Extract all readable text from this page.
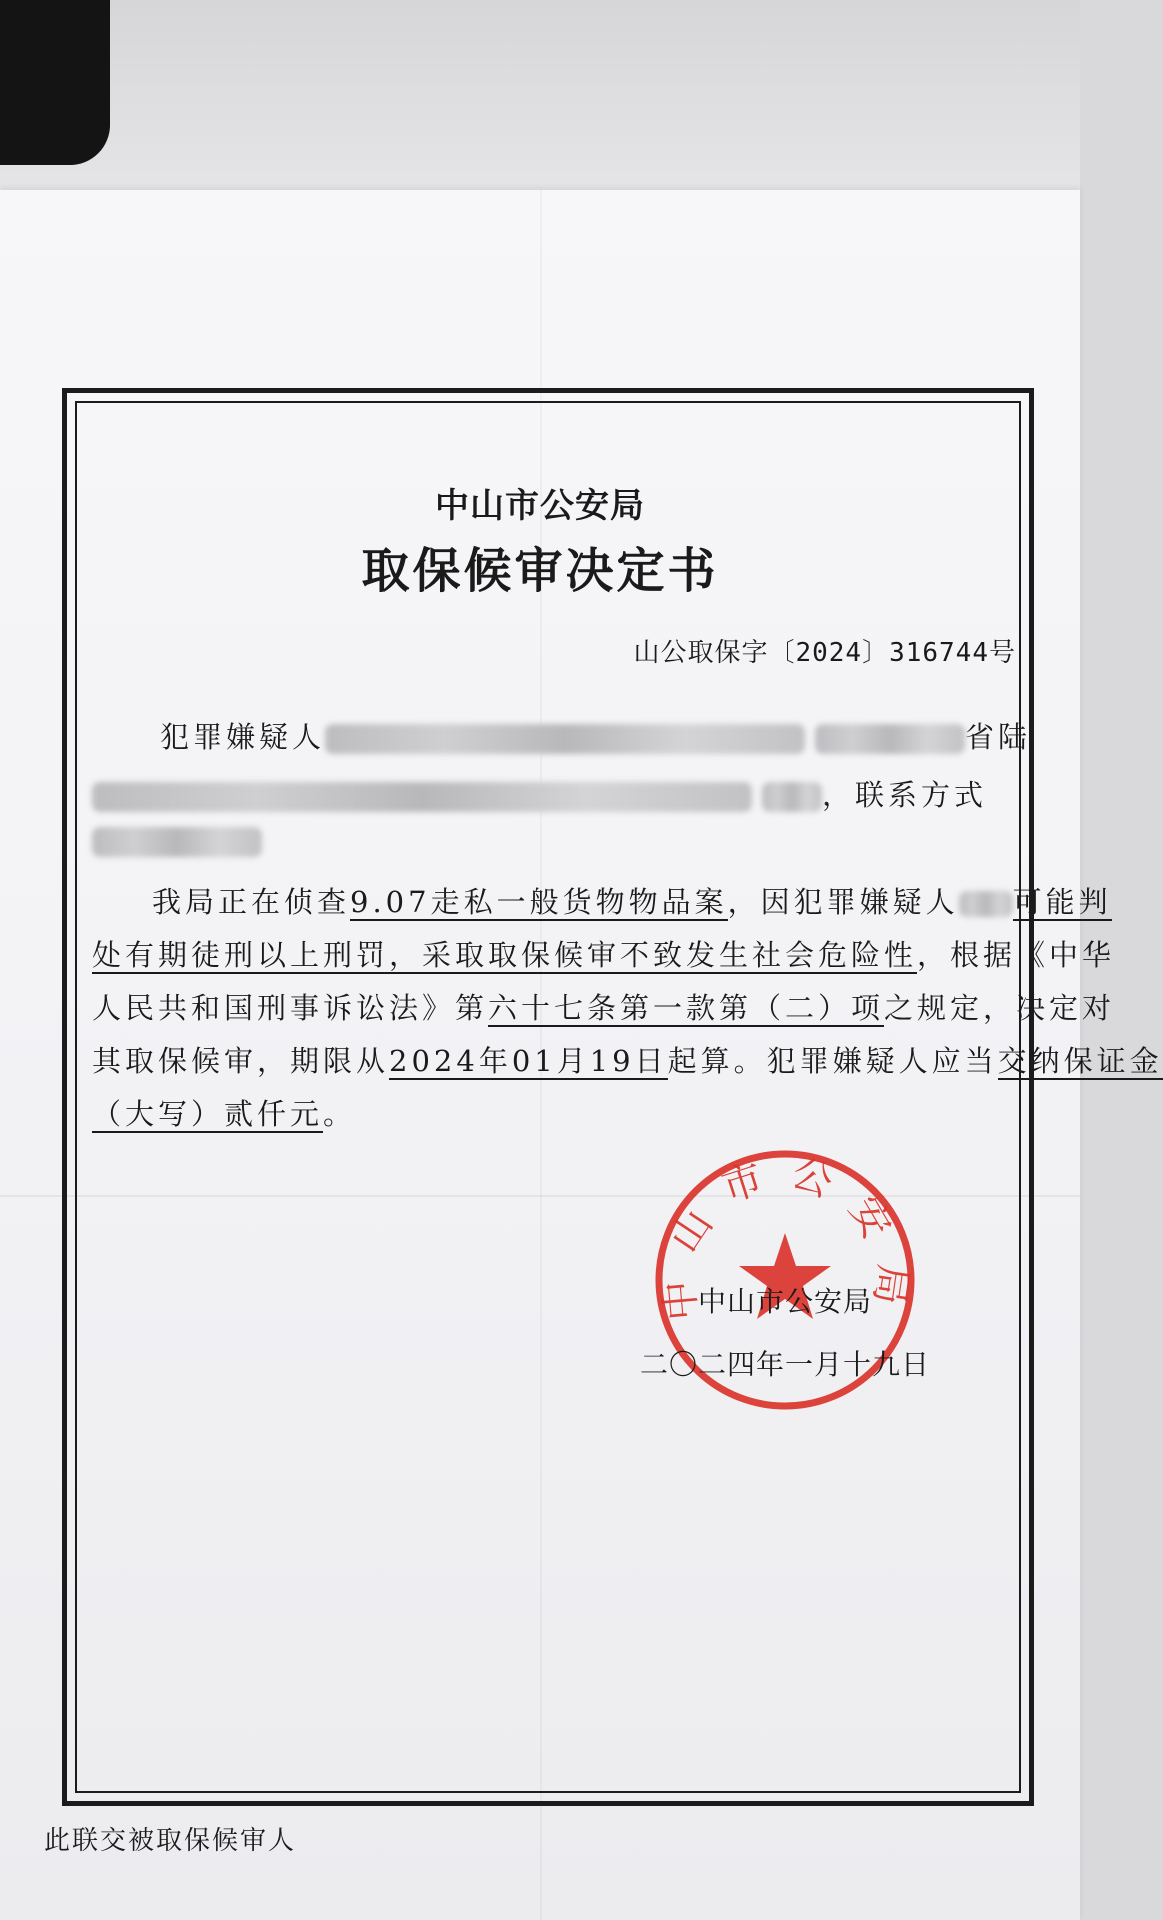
中山市公安局
取保候审决定书
山公取保字〔2024〕316744号
犯罪嫌疑人	省陆
，联系方式
我局正在侦查9.07走私一般货物物品案，因犯罪嫌疑人 可能判
处有期徒刑以上刑罚，采取取保候审不致发生社会危险性，根据《中华
人民共和国刑事诉讼法》第六十七条第一款第（二）项之规定，决定对
其取保候审，期限从2024年01月19日起算。犯罪嫌疑人应当交纳保证金
（大写）贰仟元。
中山市公安局
中山市公安局
二〇二四年一月十九日
此联交被取保候审人
